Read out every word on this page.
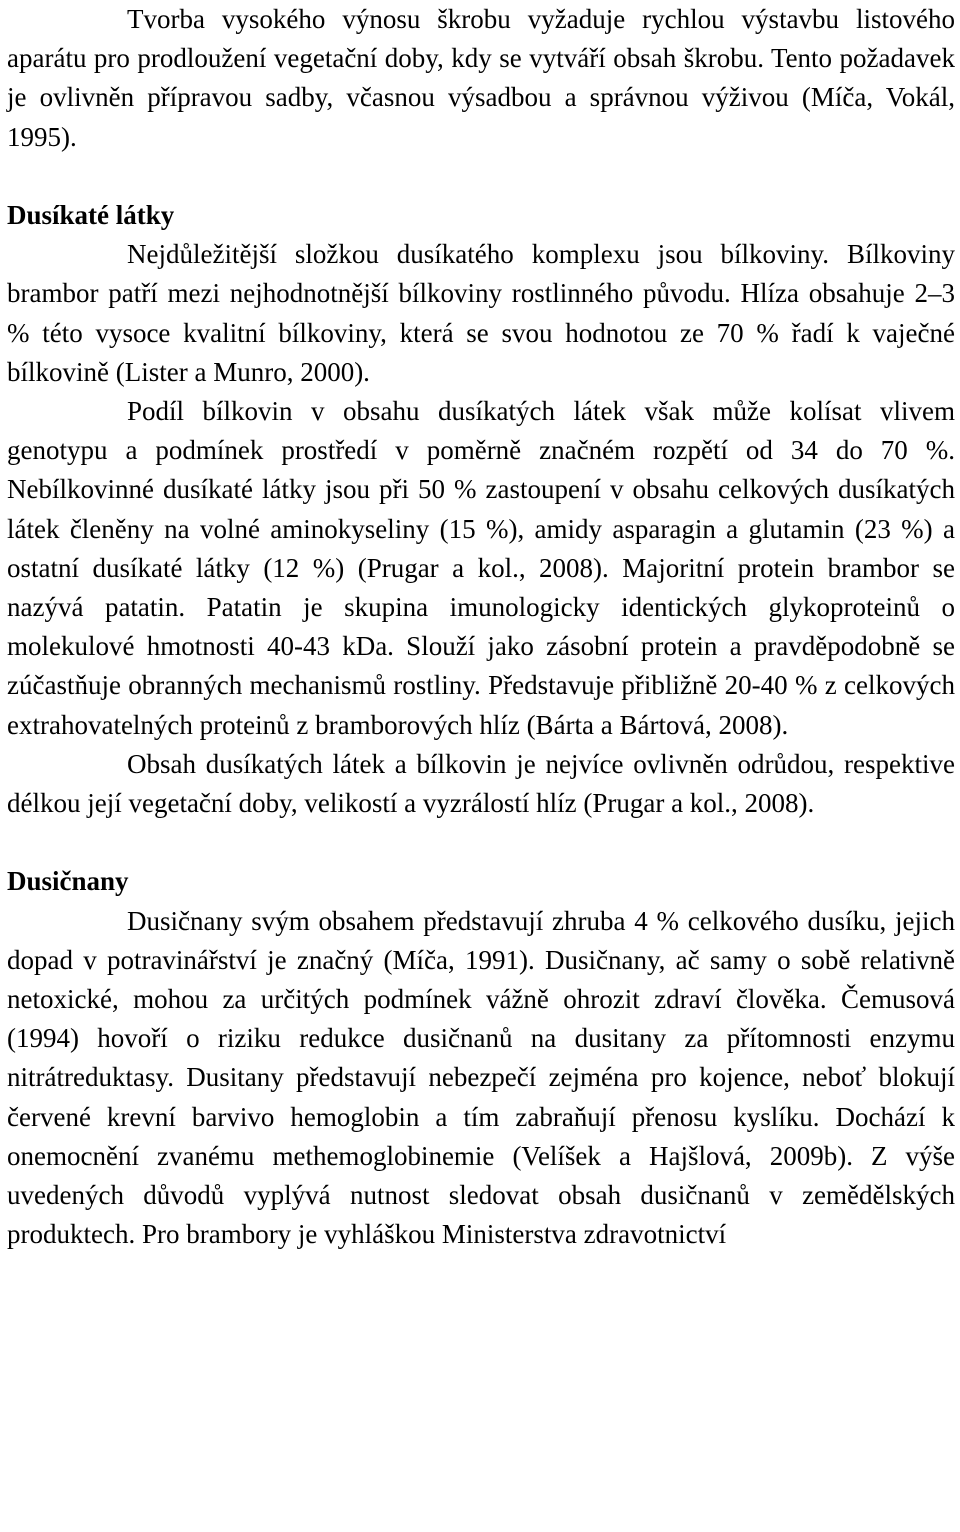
Tvorba vysokého výnosu škrobu vyžaduje rychlou výstavbu listového aparátu pro prodloužení vegetační doby, kdy se vytváří obsah škrobu. Tento požadavek je ovlivněn přípravou sadby, včasnou výsadbou a správnou výživou (Míča, Vokál, 1995).

Dusíkaté látky

Nejdůležitější složkou dusíkatého komplexu jsou bílkoviny. Bílkoviny brambor patří mezi nejhodnotnější bílkoviny rostlinného původu. Hlíza obsahuje 2–3 % této vysoce kvalitní bílkoviny, která se svou hodnotou ze 70 % řadí k vaječné bílkovině (Lister a Munro, 2000).

Podíl bílkovin v obsahu dusíkatých látek však může kolísat vlivem genotypu a podmínek prostředí v poměrně značném rozpětí od 34 do 70 %. Nebílkovinné dusíkaté látky jsou při 50 % zastoupení v obsahu celkových dusíkatých látek členěny na volné aminokyseliny (15 %), amidy asparagin a glutamin (23 %) a ostatní dusíkaté látky (12 %) (Prugar a kol., 2008). Majoritní protein brambor se nazývá patatin. Patatin je skupina imunologicky identických glykoproteinů o molekulové hmotnosti 40-43 kDa. Slouží jako zásobní protein a pravděpodobně se zúčastňuje obranných mechanismů rostliny. Představuje přibližně 20-40 % z celkových extrahovatelných proteinů z bramborových hlíz (Bárta a Bártová, 2008).

Obsah dusíkatých látek a bílkovin je nejvíce ovlivněn odrůdou, respektive délkou její vegetační doby, velikostí a vyzrálostí hlíz (Prugar a kol., 2008).

Dusičnany

Dusičnany svým obsahem představují zhruba 4 % celkového dusíku, jejich dopad v potravinářství je značný (Míča, 1991). Dusičnany, ač samy o sobě relativně netoxické, mohou za určitých podmínek vážně ohrozit zdraví člověka. Čemusová (1994) hovoří o riziku redukce dusičnanů na dusitany za přítomnosti enzymu nitrátreduktasy. Dusitany představují nebezpečí zejména pro kojence, neboť blokují červené krevní barvivo hemoglobin a tím zabraňují přenosu kyslíku. Dochází k onemocnění zvanému methemoglobinemie (Velíšek a Hajšlová, 2009b). Z výše uvedených důvodů vyplývá nutnost sledovat obsah dusičnanů v zemědělských produktech. Pro brambory je vyhláškou Ministerstva zdravotnictví
